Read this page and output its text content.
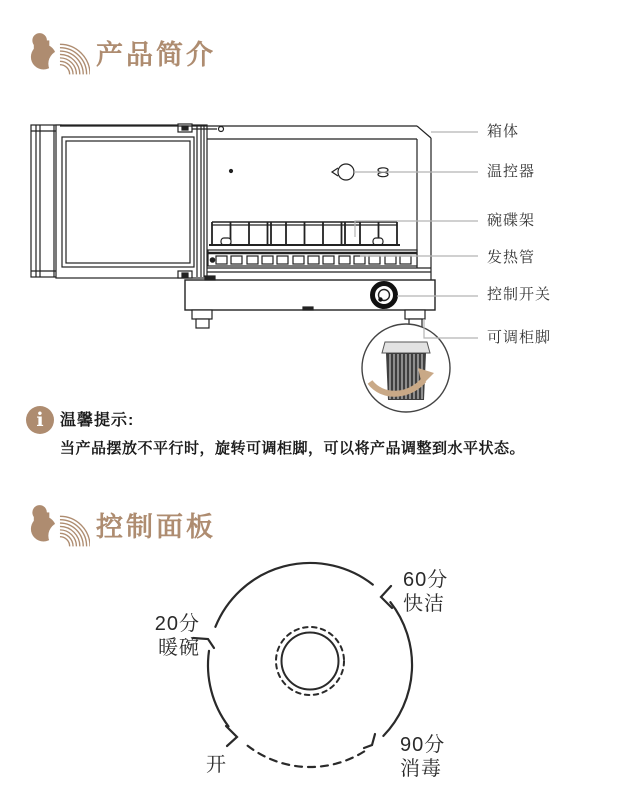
产品简介
箱体
温控器
碗碟架
发热管
控制开关
可调柜脚
i 温馨提示:
当产品摆放不平行时，旋转可调柜脚，可以将产品调整到水平状态。
控制面板
60分
快洁
20分
暖碗
开
90分
消毒
